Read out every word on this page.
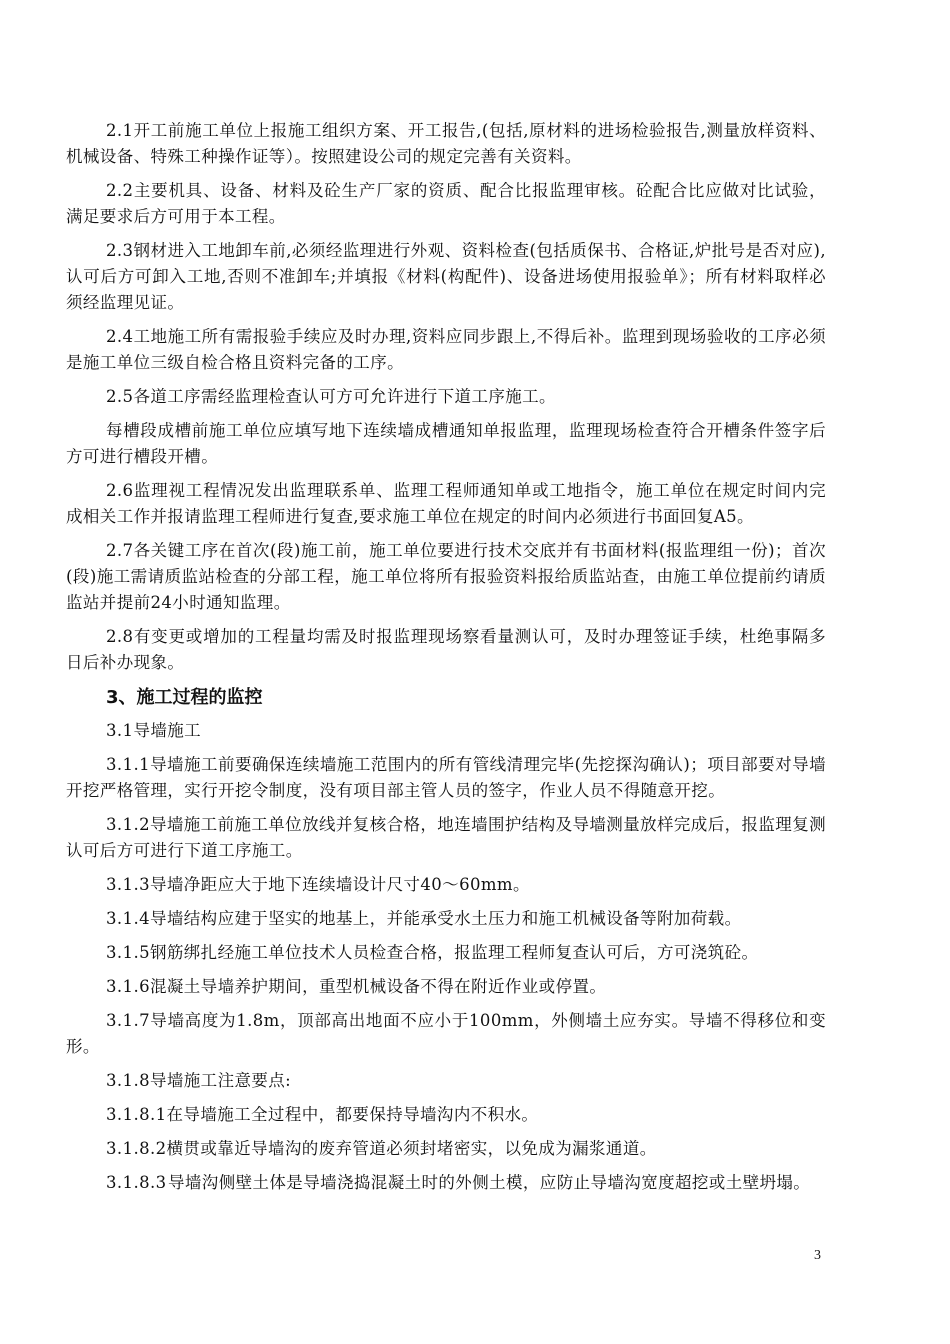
2.1开工前施工单位上报施工组织方案、开工报告,(包括,原材料的进场检验报告,测量放样资料、机械设备、特殊工种操作证等）。按照建设公司的规定完善有关资料。

2.2主要机具、设备、材料及砼生产厂家的资质、配合比报监理审核。砼配合比应做对比试验，满足要求后方可用于本工程。

2.3钢材进入工地卸车前,必须经监理进行外观、资料检查(包括质保书、合格证,炉批号是否对应),认可后方可卸入工地,否则不准卸车;并填报《材料(构配件)、设备进场使用报验单》；所有材料取样必须经监理见证。

2.4工地施工所有需报验手续应及时办理,资料应同步跟上,不得后补。监理到现场验收的工序必须是施工单位三级自检合格且资料完备的工序。

2.5各道工序需经监理检查认可方可允许进行下道工序施工。

每槽段成槽前施工单位应填写地下连续墙成槽通知单报监理，监理现场检查符合开槽条件签字后方可进行槽段开槽。

2.6监理视工程情况发出监理联系单、监理工程师通知单或工地指令，施工单位在规定时间内完成相关工作并报请监理工程师进行复查,要求施工单位在规定的时间内必须进行书面回复A5。

2.7各关键工序在首次(段)施工前，施工单位要进行技术交底并有书面材料(报监理组一份)；首次(段)施工需请质监站检查的分部工程，施工单位将所有报验资料报给质监站查，由施工单位提前约请质监站并提前24小时通知监理。

2.8有变更或增加的工程量均需及时报监理现场察看量测认可，及时办理签证手续，杜绝事隔多日后补办现象。

3、施工过程的监控

3.1导墙施工

3.1.1导墙施工前要确保连续墙施工范围内的所有管线清理完毕(先挖探沟确认)；项目部要对导墙开挖严格管理，实行开挖令制度，没有项目部主管人员的签字，作业人员不得随意开挖。

3.1.2导墙施工前施工单位放线并复核合格，地连墙围护结构及导墙测量放样完成后，报监理复测认可后方可进行下道工序施工。

3.1.3导墙净距应大于地下连续墙设计尺寸40～60mm。

3.1.4导墙结构应建于坚实的地基上，并能承受水土压力和施工机械设备等附加荷载。

3.1.5钢筋绑扎经施工单位技术人员检查合格，报监理工程师复查认可后，方可浇筑砼。

3.1.6混凝土导墙养护期间，重型机械设备不得在附近作业或停置。

3.1.7导墙高度为1.8m，顶部高出地面不应小于100mm，外侧墙土应夯实。导墙不得移位和变形。

3.1.8导墙施工注意要点:

3.1.8.1在导墙施工全过程中，都要保持导墙沟内不积水。

3.1.8.2横贯或靠近导墙沟的废弃管道必须封堵密实，以免成为漏浆通道。

3.1.8.3 导墙沟侧壁土体是导墙浇捣混凝土时的外侧土模，应防止导墙沟宽度超挖或土壁坍塌。

3
